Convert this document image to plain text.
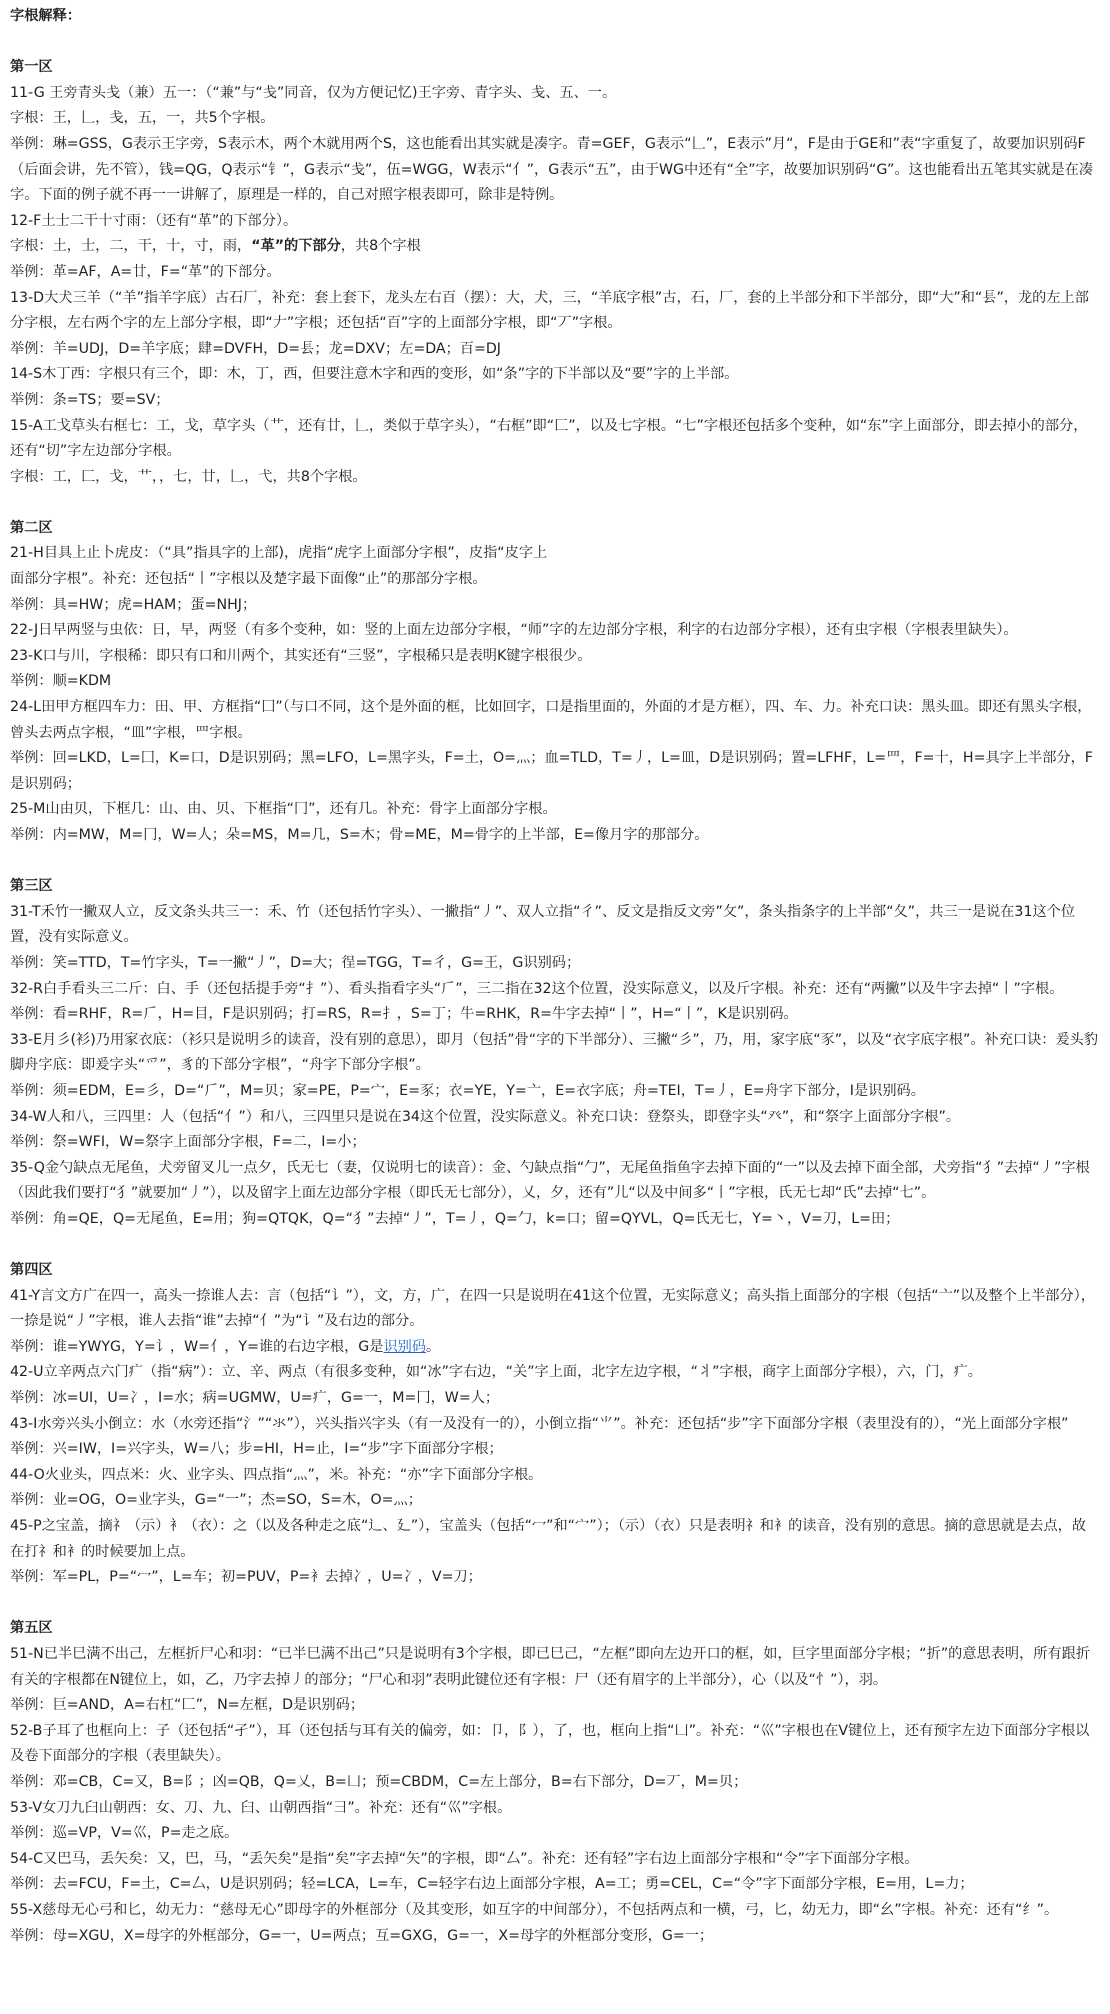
字根解释：

第一区

11-G 王旁青头戋（兼）五一：（“兼”与“戋”同音，仅为方便记忆)王字旁、青字头、戋、五、一。

字根：王，𠃊，戋，五，一，共5个字根。

举例：琳=GSS，G表示王字旁，S表示木，两个木就用两个S，这也能看出其实就是凑字。青=GEF，G表示“𠃊”，E表示”月“，F是由于GE和”表“字重复了，故要加识别码F（后面会讲，先不管），钱=QG，Q表示“钅”，G表示“戋”，伍=WGG，W表示“亻”，G表示“五”，由于WG中还有“全”字，故要加识别码“G”。这也能看出五笔其实就是在凑字。下面的例子就不再一一讲解了，原理是一样的，自己对照字根表即可，除非是特例。

12-F土士二干十寸雨：（还有“革”的下部分）。

字根：土，士，二，干，十，寸，雨，“革”的下部分，共8个字根

举例：革=AF，A=廿，F=“革”的下部分。

13-D大犬三羊（“羊”指羊字底）古石厂，补充：套上套下，龙头左右百（摆）：大，犬，三，“羊底字根”古，石，厂，套的上半部分和下半部分，即“大”和“镸”，龙的左上部分字根，左右两个字的左上部分字根，即“𠂇”字根；还包括“百”字的上面部分字根，即“丆”字根。

举例：羊=UDJ，D=羊字底；肆=DVFH，D=镸；龙=DXV；左=DA；百=DJ

14-S木丁西：字根只有三个，即：木，丁，西，但要注意木字和西的变形，如“条”字的下半部以及“要”字的上半部。

举例：条=TS；要=SV；

15-A工戈草头右框七：工，戈，草字头（艹，还有廿，𠃊，类似于草字头），“右框”即“匚”，以及七字根。“七”字根还包括多个变种，如“东”字上面部分，即去掉小的部分，还有“切”字左边部分字根。

字根：工，匚，戈，艹，，七，廿，𠃊，弋，共8个字根。

第二区

21-H目具上止卜虎皮：（“具”指具字的上部)，虎指“虎字上面部分字根”，皮指“皮字上

面部分字根”。补充：还包括“丨”字根以及楚字最下面像“止”的那部分字根。

举例：具=HW；虎=HAM；蛋=NHJ；

22-J日早两竖与虫依：日，早，两竖（有多个变种，如：竖的上面左边部分字根，“师”字的左边部分字根，利字的右边部分字根），还有虫字根（字根表里缺失）。

23-K口与川，字根稀：即只有口和川两个，其实还有“三竖”，字根稀只是表明K键字根很少。

举例：顺=KDM

24-L田甲方框四车力：田、甲、方框指“囗”（与口不同，这个是外面的框，比如回字，口是指里面的，外面的才是方框），四、车、力。补充口诀：黑头皿。即还有黑头字根，曾头去两点字根，“皿”字根，罒字根。

举例：回=LKD，L=囗，K=口，D是识别码；黑=LFO，L=黑字头，F=土，O=灬；血=TLD，T=丿，L=皿，D是识别码；置=LFHF，L=罒，F=十，H=具字上半部分，F是识别码；

25-M山由贝，下框几：山、由、贝、下框指“冂”，还有几。补充：骨字上面部分字根。

举例：内=MW，M=冂，W=人；朵=MS，M=几，S=木；骨=ME，M=骨字的上半部，E=像月字的那部分。

第三区

31-T禾竹一撇双人立，反文条头共三一：禾、竹（还包括竹字头）、一撇指“丿”、双人立指“彳”、反文是指反文旁”攵”，条头指条字的上半部“夂”，共三一是说在31这个位置，没有实际意义。

举例：笑=TTD，T=竹字头，T=一撇“丿”，D=大；徎=TGG，T=彳，G=王，G识别码；

32-R白手看头三二斤：白、手（还包括提手旁“扌”）、看头指看字头“𠂆”，三二指在32这个位置，没实际意义，以及斤字根。补充：还有“两撇”以及牛字去掉“丨”字根。

举例：看=RHF，R=𠂆，H=目，F是识别码；打=RS，R=扌，S=丁；牛=RHK，R=牛字去掉“丨”，H=“丨”，K是识别码。

33-E月彡(衫)乃用家衣底：（衫只是说明彡的读音，没有别的意思），即月（包括”骨“字的下半部分）、三撇“彡”，乃，用，家字底“豕”，以及“衣字底字根”。补充口诀：爰头豹脚舟字底：即爰字头“爫”，豸的下部分字根”，“舟字下部分字根”。

举例：须=EDM，E=彡，D=“𠂆”，M=贝；家=PE，P=宀，E=豕；衣=YE，Y=亠，E=衣字底；舟=TEI，T=丿，E=舟字下部分，I是识别码。

34-W人和八，三四里：人（包括“亻”）和八，三四里只是说在34这个位置，没实际意义。补充口诀：登祭头，即登字头“癶”，和“祭字上面部分字根”。

举例：祭=WFI，W=祭字上面部分字根，F=二，I=小；

35-Q金勺缺点无尾鱼，犬旁留叉儿一点夕，氏无七（妻，仅说明七的读音）：金、勺缺点指“勹”，无尾鱼指鱼字去掉下面的“一”以及去掉下面全部，犬旁指“犭”去掉“丿”字根（因此我们要打“犭”就要加“丿”），以及留字上面左边部分字根（即氏无七部分），乂，夕，还有”儿“以及中间多“丨”字根，氏无七却“氏”去掉“七”。

举例：角=QE，Q=无尾鱼，E=用；狗=QTQK，Q=“犭”去掉“丿”，T=丿，Q=勹，k=口；留=QYVL，Q=氏无七，Y=丶，V=刀，L=田；

第四区

41-Y言文方广在四一，高头一捺谁人去：言（包括“讠”），文，方，广，在四一只是说明在41这个位置，无实际意义；高头指上面部分的字根（包括“亠”以及整个上半部分），一捺是说“丿”字根，谁人去指“谁”去掉“亻”为“讠”及右边的部分。

举例：谁=YWYG，Y=讠，W=亻，Y=谁的右边字根，G是识别码。

42-U立辛两点六门疒（指“病”）：立、辛、两点（有很多变种，如“冰”字右边，“关”字上面，北字左边字根，“丬”字根，商字上面部分字根），六，门，疒。

举例：冰=UI，U=冫，I=水；病=UGMW，U=疒，G=一，M=冂，W=人；

43-I水旁兴头小倒立：水（水旁还指“氵”“氺”），兴头指兴字头（有一及没有一的），小倒立指“⺌”。补充：还包括“步”字下面部分字根（表里没有的），“光上面部分字根”

举例：兴=IW，I=兴字头，W=八；步=HI，H=止，I=“步”字下面部分字根；

44-O火业头，四点米：火、业字头、四点指“灬”，米。补充：“亦”字下面部分字根。

举例：业=OG，O=业字头，G=“一”；杰=SO，S=木，O=灬；

45-P之宝盖，摘礻（示）衤（衣）：之（以及各种走之底“辶、廴”），宝盖头（包括“冖”和“宀”）；（示）（衣）只是表明礻和衤的读音，没有别的意思。摘的意思就是去点，故在打礻和衤的时候要加上点。

举例：军=PL，P=“冖”，L=车；初=PUV，P=衤去掉冫，U=冫，V=刀；

第五区

51-N已半巳满不出己，左框折尸心和羽：“已半巳满不出己”只是说明有3个字根，即已巳己，“左框”即向左边开口的框，如，巨字里面部分字根；“折”的意思表明，所有跟折有关的字根都在N键位上，如，乙，乃字去掉丿的部分；“尸心和羽”表明此键位还有字根：尸（还有眉字的上半部分），心（以及“忄”），羽。

举例：巨=AND，A=右杠“匚”，N=左框，D是识别码；

52-B子耳了也框向上：子（还包括“孑”），耳（还包括与耳有关的偏旁，如：卩，阝），了，也，框向上指“凵”。补充：“巛”字根也在V键位上，还有预字左边下面部分字根以及卷下面部分的字根（表里缺失）。

举例：邓=CB，C=又，B=阝；凶=QB，Q=乂，B=凵；预=CBDM，C=左上部分，B=右下部分，D=丆，M=贝；

53-V女刀九臼山朝西：女、刀、九、臼、山朝西指“彐”。补充：还有“巛”字根。

举例：巡=VP，V=巛，P=走之底。

54-C又巴马，丢矢矣：又，巴，马，“丢矢矣”是指“矣”字去掉“矢”的字根，即“厶”。补充：还有轻”字右边上面部分字根和“令”字下面部分字根。

举例：去=FCU，F=土，C=厶，U是识别码；轻=LCA，L=车，C=轻字右边上面部分字根，A=工；勇=CEL，C=“令”字下面部分字根，E=用，L=力；

55-X慈母无心弓和匕，幼无力：“慈母无心”即母字的外框部分（及其变形，如互字的中间部分），不包括两点和一横，弓，匕，幼无力，即“幺”字根。补充：还有“纟”。

举例：母=XGU，X=母字的外框部分，G=一，U=两点；互=GXG，G=一，X=母字的外框部分变形，G=一；
